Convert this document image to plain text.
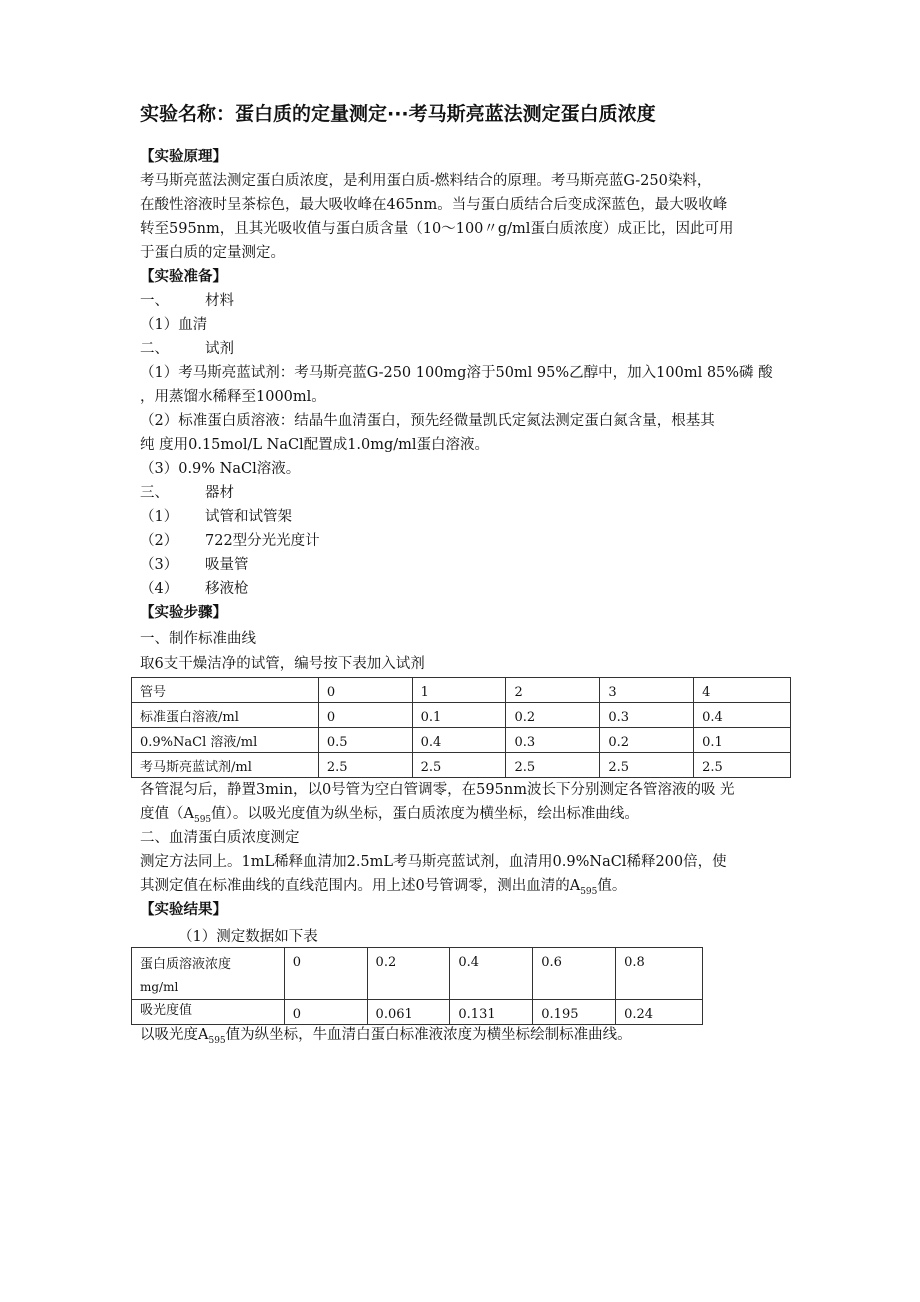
实验名称：蛋白质的定量测定···考马斯亮蓝法测定蛋白质浓度
【实验原理】
考马斯亮蓝法测定蛋白质浓度，是利用蛋白质-燃料结合的原理。考马斯亮蓝G-250染料，
在酸性溶液时呈茶棕色，最大吸收峰在465nm。当与蛋白质结合后变成深蓝色，最大吸收峰
转至595nm，且其光吸收值与蛋白质含量（10～100〃g/ml蛋白质浓度）成正比，因此可用
于蛋白质的定量测定。
【实验准备】
一、 材料
（1）血清
二、 试剂
（1）考马斯亮蓝试剂：考马斯亮蓝G-250 100mg溶于50ml 95%乙醇中，加入100ml 85%磷 酸
，用蒸馏水稀释至1000ml。
（2）标准蛋白质溶液：结晶牛血清蛋白，预先经微量凯氏定氮法测定蛋白氮含量，根基其
纯 度用0.15mol/L NaCl配置成1.0mg/ml蛋白溶液。
（3）0.9% NaCl溶液。
三、 器材
（1） 试管和试管架
（2） 722型分光光度计
（3） 吸量管
（4） 移液枪
【实验步骤】
一、制作标准曲线
取6支干燥洁净的试管，编号按下表加入试剂
管号	0	1	2	3	4
标准蛋白溶液/ml	0	0.1	0.2	0.3	0.4
0.9%NaCl 溶液/ml	0.5	0.4	0.3	0.2	0.1
考马斯亮蓝试剂/ml	2.5	2.5	2.5	2.5	2.5
各管混匀后，静置3min，以0号管为空白管调零，在595nm波长下分别测定各管溶液的吸 光
度值（$A_{595}$值）。以吸光度值为纵坐标，蛋白质浓度为横坐标，绘出标准曲线。
二、血清蛋白质浓度测定
测定方法同上。1mL稀释血清加2.5mL考马斯亮蓝试剂，血清用0.9%NaCl稀释200倍，使
其测定值在标准曲线的直线范围内。用上述0号管调零，测出血清的$A_{595}$值。
【实验结果】
（1）测定数据如下表
蛋白质溶液浓度
mg/ml	0	0.2	0.4	0.6	0.8
吸光度值	0	0.061	0.131	0.195	0.24
以吸光度$A_{595}$值为纵坐标，牛血清白蛋白标准液浓度为横坐标绘制标准曲线。
